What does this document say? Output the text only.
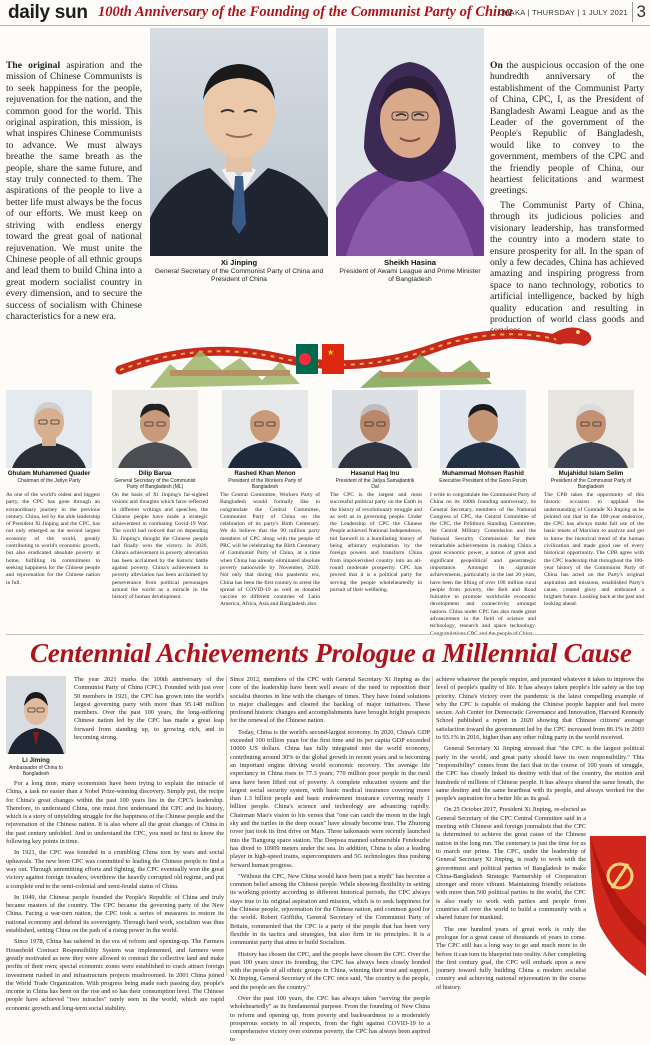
daily sun 100th Anniversary of the Founding of the Communist Party of China
DHAKA | THURSDAY | 1 JULY 2021 3

The original aspiration and the mission of Chinese Communists is to seek happiness for the people, rejuvenation for the nation, and the common good for the world. This original aspiration, this mission, is what inspires Chinese Communists to advance. We must always breathe the same breath as the people, share the same future, and stay truly connected to them. The aspirations of the people to live a better life must always be the focus of our efforts. We must keep on striving with endless energy toward the great goal of national rejuvenation. We must unite the Chinese people of all ethnic groups and lead them to build China into a great modern socialist country in every dimension, and to secure the success of socialism with Chinese characteristics for a new era.

Xi Jinping
General Secretary of the Communist Party of China and President of China
Sheikh Hasina
President of Awami League and Prime Minister of Bangladesh

On the auspicious occasion of the one hundredth anniversary of the establishment of the Communist Party of China, CPC, I, as the President of Bangladesh Awami League and as the Leader of the government of the People's Republic of Bangladesh, would like to convey to the government, members of the CPC and the friendly people of China, our heartiest felicitations and warmest greetings.

The Communist Party of China, through its judicious policies and visionary leadership, has transformed the country into a modern state to ensure prosperity for all. In the span of only a few decades, China has achieved amazing and inspiring progress from space to nano technology, robotics to artificial intelligence, backed by high quality education and resulting in production of world class goods and services.

★
Ghulam Muhammed Quader
Chairman of the Jatiyo Party
Dilip Barua
General Secretary of the Communist Party of Bangladesh (ML)
Rashed Khan Menon
President of the Workers Party of Bangladesh
Hasanul Haq Inu
President of the Jatiya Samajtantrik Dal
Muhammad Mohsen Rashid
Executive President of the Gono Forum
Mujahidul Islam Selim
President of the Communist Party of Bangladesh
As one of the world's oldest and biggest party, the CPC has gone through an extraordinary journey in the previous century. China, led by the able leadership of President Xi Jinping and the CPC, has not only emerged as the second largest economy of the world, greatly contributing to world's economic growth, but also eradicated absolute poverty at home, fulfilling its commitment to seeking happiness for the Chinese people and rejuvenation for the Chinese nation in full.
On the basis of Xi Jinping's far-sighted visions and thoughts which have reflected in different writings and speeches, the Chinese people have made a strategic achievement in combating Covid-19 War. The world had noticed that on depending Xi Jinping's thought the Chinese people had finally won the victory. In 2020, China's achievement in poverty alleviation has been acclaimed by the historic battle against poverty. China's achievement in poverty alleviation has been acclaimed by perseverance from political personages around the world as a miracle in the history of human development.
The Central Committee, Workers Party of Bangladesh would formally like to congratulate the Central Committee, Communist Party of China on the celebration of its party's Birth Centenary. We do believe that the 90 million party members of CPC along with the people of PRC will be celebrating the Birth Centenary of Communist Party of China, at a time when China has already eliminated absolute poverty nationwide by November, 2020. Not only that during this pandemic era, China has been the first country to arrest the spread of COVID-19 as well as donated vaccine to different countries of Latin America, Africa, Asia and Bangladesh also.
The CPC is the largest and most successful political party on the Earth in the history of revolutionary struggle and as well as in governing people. Under the Leadership of CPC the Chinese People achieved National Independence, bid farewell to a humiliating history of being arbitrary exploitation by the foreign powers and transform China from impoverished country into an all-round moderate prosperity. CPC has proved that it is a political party for serving the people wholeheartedly in pursuit of their wellbeing.
I write to congratulate the Communist Party of China on its 100th founding anniversary, its General Secretary, members of the National Congress of CPC, the Central Committee of the CPC, the Politburo Standing Committee, the Central Military Commission and the National Security Commission for their remarkable achievements in making China a great economic power, a nation of great and significant geopolitical and geostrategic importance. Amongst its signature achievements, particularly in the last 20 years, have been the lifting of over 100 million rural people from poverty, the Belt and Road Initiative to promote worldwide economic development and connectivity amongst nations. China under CPC has also made great advancement in the field of science and technology, research and space technology.
The CPB takes the opportunity of this historic occasion to applaud the understanding of Comrade Xi Jinping as he pointed out that in the 100-year endeavor, the CPC has always made full use of the basic tenets of Marxism to analyze and get to know the historical trend of the human civilization and made good use of every historical opportunity. The CPB agree with the CPC leadership that throughout the 100-year history of the Communist Party of China has acted on the Party's original aspiration and missions, established Party's cause, created glory and embraced a brighter future. Looking back at the past and looking ahead.
Centennial Achievements Prologue a Millennial Cause
Li Jiming
Ambassador of China to Bangladesh

The year 2021 marks the 100th anniversary of the Communist Party of China (CPC). Founded with just over 50 members in 1921, the CPC has grown into the world's largest governing party with more than 95.148 million members. Over the past 100 years, the long-suffering Chinese nation led by the CPC has made a great leap forward from standing up, to growing rich, and to becoming strong.

For a long time, many economists have been trying to explain the miracle of China, a task no easier than a Nobel Prize-winning discovery. Simply put, the recipe for China's great changes within the past 100 years lies in the CPC's leadership. Therefore, to understand China, one must first understand the CPC and its history, which is a story of unyielding struggle for the happiness of the Chinese people and the rejuvenation of the Chinese nation. It is also where all the great changes of China in the past century unfolded. And to understand the CPC, you need to first to know the following key points in time.

In 1921, the CPC was founded in a crumbling China torn by wars and social upheavals. The new born CPC was committed to leading the Chinese people to find a way out. Through unremitting efforts and fighting, the CPC eventually won the great victory against foreign invaders, overthrew the heavily corrupted old regime, and put a complete end to the semi-colonial and semi-feudal status of China.

In 1949, the Chinese people founded the People's Republic of China and truly became masters of the country. The CPC became the governing party of the New China. Facing a war-torn nation, the CPC took a series of measures to restore its national economy and defend its sovereignty. Through hard work, socialism was thus established, setting China on the path of a rising power in the world.

Since 1978, China has ushered in the era of reform and opening-up. The Farmers Household Contract Responsibility System was implemented, and farmers were greatly motivated as now they were allowed to contract the collective land and make profits of their own; special economic zones were established to crack attract foreign investment rushed in and infrastructure projects mushroomed. In 2001 China joined the World Trade Organization. With progress being made each passing day, people's income in China has been on the rise and so has their consumption level. The Chinese people have achieved "two miracles" rarely seen in the world, which are rapid economic growth and long-term social stability.

Since 2012, members of the CPC with General Secretary Xi Jinping as the core of the leadership have been well aware of the need to reposition their socialist theories in line with the changes of times. They have found solutions to major challenges and cleared the backlog of major initiatives. These profound historic changes and accomplishments have brought bright prospects for the renewal of the Chinese nation.

Today, China is the world's second-largest economy. In 2020, China's GDP exceeded 100 trillion yuan for the first time and its per capita GDP exceeded 10000 US dollars. China has fully integrated into the world economy, contributing around 30% to the global growth in recent years and is becoming an important engine driving world economic recovery. The average life expectancy in China rises to 77.3 years; 770 million poor people in the rural area have been lifted out of poverty. A complete education system and the largest social security system, with basic medical insurance covering more than 1.3 billion people and basic endowment insurance covering nearly 1 billion people. China's science and technology are advancing rapidly. Chairman Mao's vision to his verses that "one can catch the moon in the high sky and the turtles in the deep ocean" have already become true. The Zhurong rover just took its first drive on Mars. Three taikonauts were recently launched into the Tiangong space station. The Deepsea manned submersible Fendouzhe has dived to 10909 meters under the sea. In addition, China is also a leading player in high-speed trains, supercomputers and 5G technologies thus pushing forward human progress.

"Without the CPC, New China would have been just a myth" has become a common belief among the Chinese people. While showing flexibility in setting its working priority according to different historical periods, the CPC always stays true to its original aspiration and mission, which is to seek happiness for the Chinese people, rejuvenation for the Chinese nation, and common good for the world. Robert Griffiths, General Secretary of the Communist Party of Britain, commented that the CPC is a party of the people that has been very flexible in its tactics and strategies, but also firm in its principles. It is a communist party that aims to build Socialism.

History has chosen the CPC, and the people have chosen the CPC. Over the past 100 years since its founding, the CPC has always been closely bonded with the people of all ethnic groups in China, winning their trust and support. Xi Jinping, General Secretary of the CPC once said, "the country is the people, and the people are the country."

Over the past 100 years, the CPC has always taken "serving the people wholeheartedly" as its fundamental purpose. From the founding of New China to reform and opening up, from poverty and backwardness to a moderately prosperous society in all respects, from the fight against COVID-19 to a comprehensive victory over extreme poverty, the CPC has always been aspired to

achieve whatever the people require, and pursued whatever it takes to improve the level of people's quality of life. It has always taken people's life safety as the top priority. China's victory over the pandemic is the latest compelling example of why the CPC is capable of making the Chinese people happier and feel more secure. Ash Center for Democratic Governance and Innovation, Harvard Kennedy School published a report in 2020 showing that Chinese citizens' average satisfaction toward the government led by the CPC increased from 86.1% in 2003 to 93.1% in 2016, higher than any other ruling party in the world received.

General Secretary Xi Jinping stressed that "the CPC is the largest political party in the world, and great party should have its own responsibility." This "responsibility" comes from the fact that in the course of 100 years of struggle, the CPC has closely linked its destiny with that of the country, the motion and hundreds of millions of Chinese people. It has always shared the same breath, the same destiny and the same heartbeat with its people, and always worked for the people's aspiration for a better life as its goal.

On 25 October 2017, President Xi Jinping, re-elected as General Secretary of the CPC Central Committee said in a meeting with Chinese and foreign journalists that the CPC is determined to achieve the great cause of the Chinese nation in the long run. The centenary is just the time for us to march our prime. The CPC, under the leadership of General Secretary Xi Jinping, is ready to work with the government and political parties of Bangladesh to make China-Bangladesh Strategic Partnership of Cooperation stronger and more vibrant. Maintaining friendly relations with more than 560 political parties in the world, the CPC is also ready to work with parties and people from countries all over the world to build a community with a shared future for mankind.

The one hundred years of great work is only the prologue for a great cause of thousands of years to come. The CPC still has a long way to go and much more to do before it can turn its blueprint into reality. After completing the first century goal, the CPC will embark upon a new journey toward fully building China a modern socialist country and achieving national rejuvenation in the course of history.
